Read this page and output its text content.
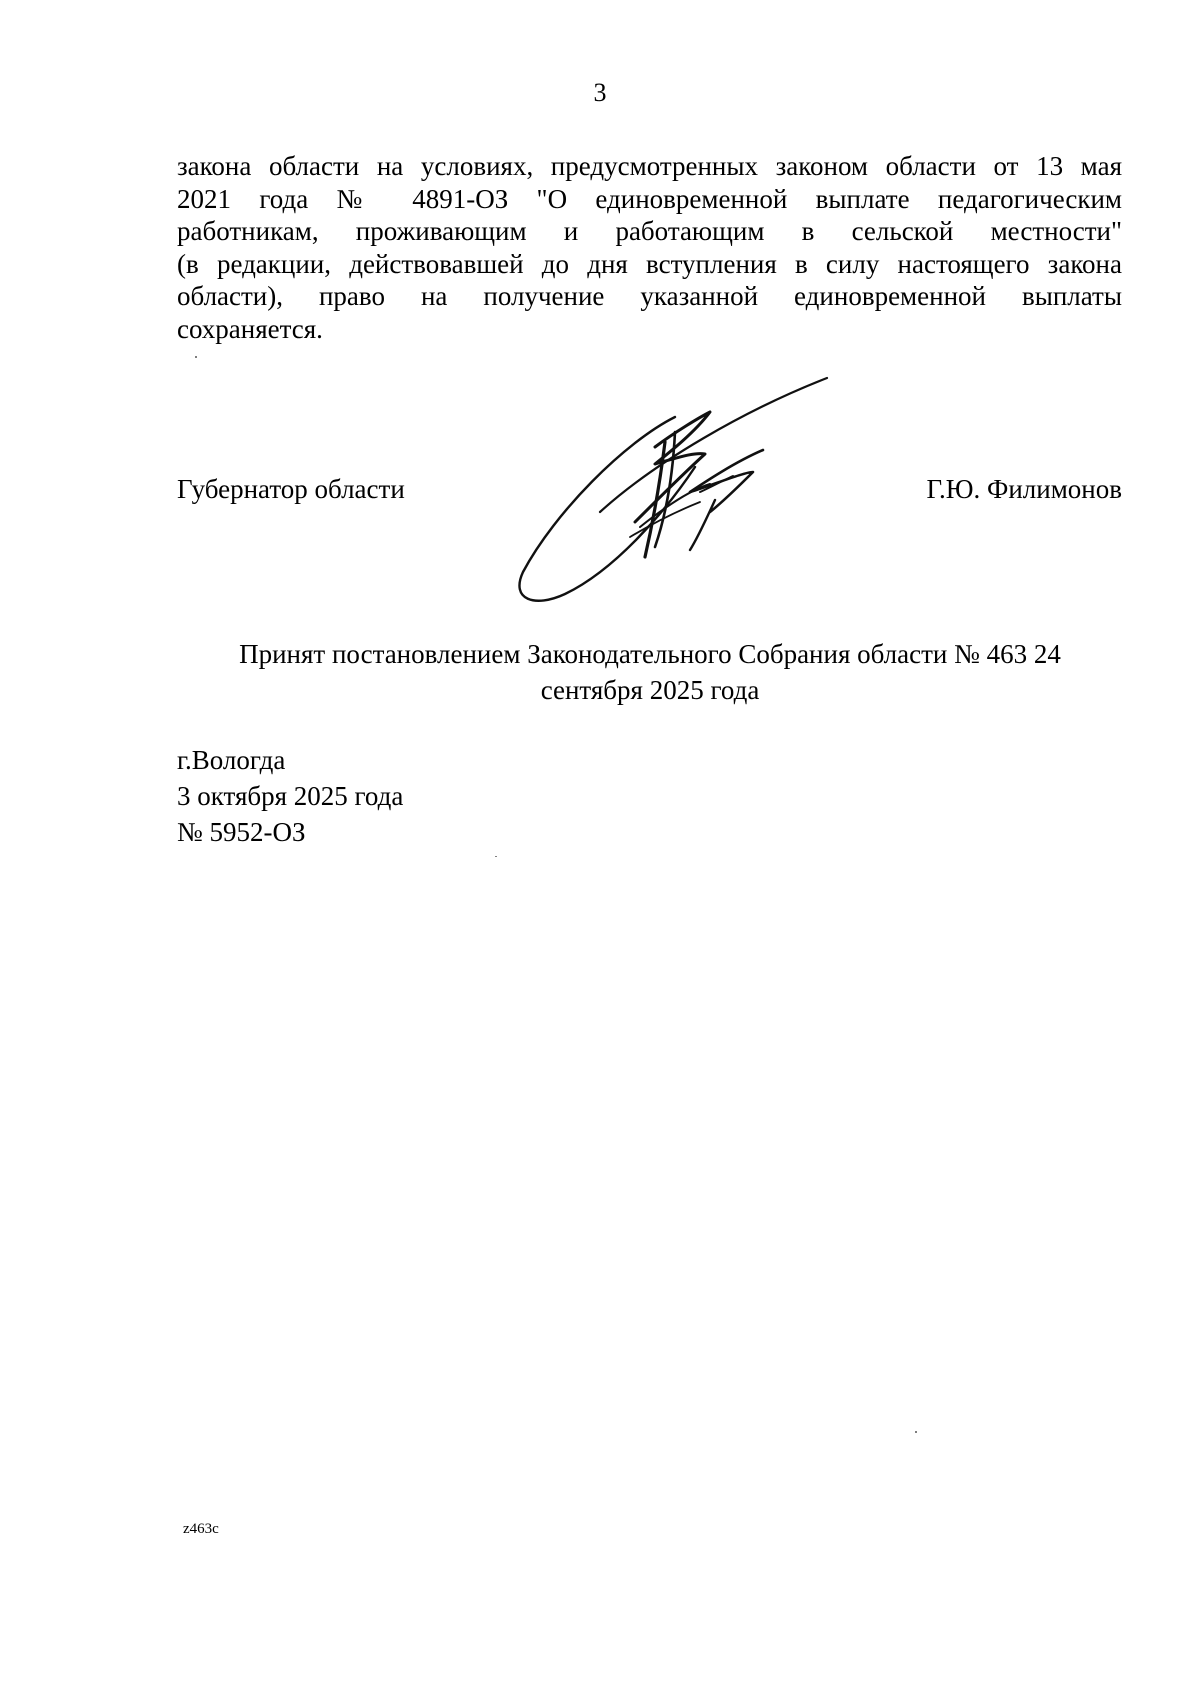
3
закона области на условиях, предусмотренных законом области от 13 мая
2021 года № 4891-ОЗ "О единовременной выплате педагогическим
работникам, проживающим и работающим в сельской местности"
(в редакции, действовавшей до дня вступления в силу настоящего закона
области), право на получение указанной единовременной выплаты
сохраняется.
Губернатор области	Г.Ю. Филимонов
Принят постановлением Законодательного Собрания области № 463 24 сентября 2025 года
г.Вологда
3 октября 2025 года
№ 5952-ОЗ
z463c
